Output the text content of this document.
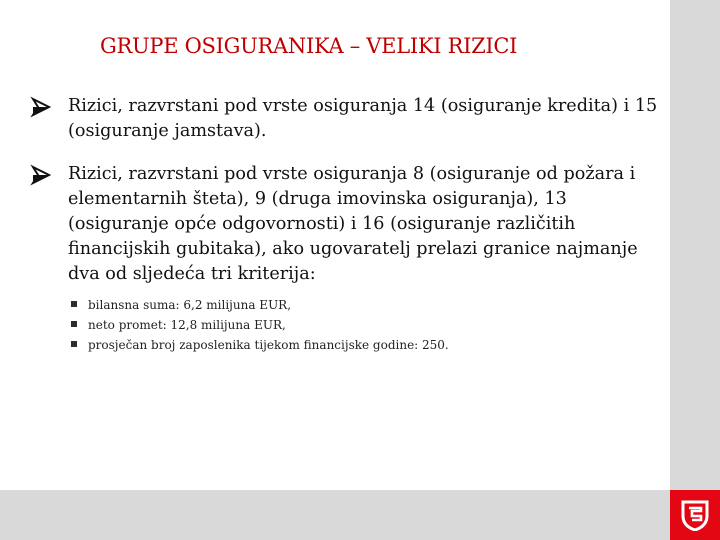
GRUPE OSIGURANIKA – VELIKI RIZICI
Rizici, razvrstani pod vrste osiguranja 14 (osiguranje kredita) i 15 (osiguranje jamstava).
Rizici, razvrstani pod vrste osiguranja 8 (osiguranje od požara i elementarnih šteta), 9 (druga imovinska osiguranja), 13 (osiguranje opće odgovornosti) i 16 (osiguranje različitih financijskih gubitaka), ako ugovaratelj prelazi granice najmanje dva od sljedeća tri kriterija:
bilansna suma: 6,2 milijuna EUR,
neto promet: 12,8 milijuna EUR,
prosječan broj zaposlenika tijekom financijske godine: 250.
